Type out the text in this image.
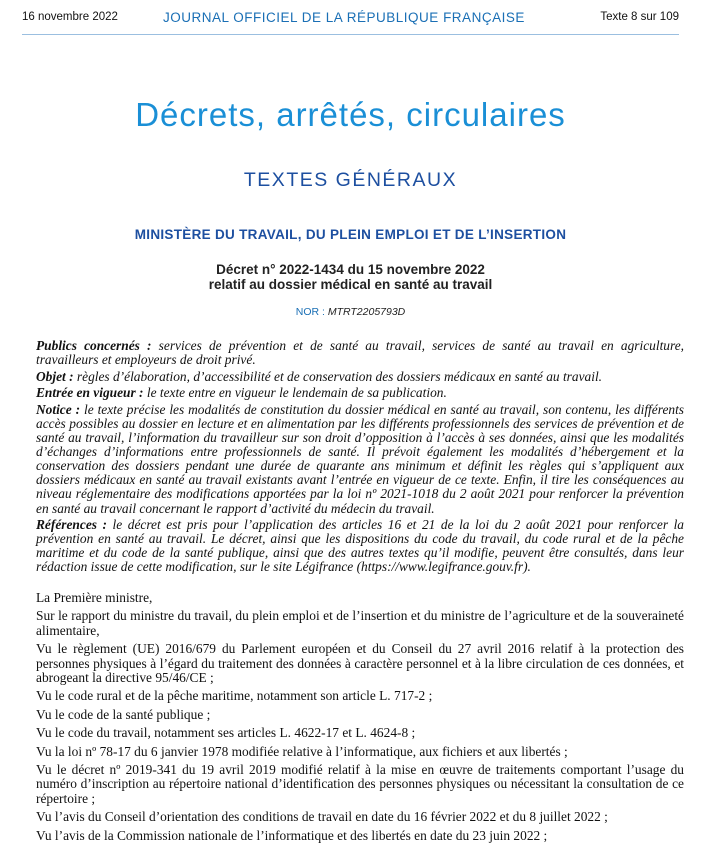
16 novembre 2022	JOURNAL OFFICIEL DE LA RÉPUBLIQUE FRANÇAISE	Texte 8 sur 109
Décrets, arrêtés, circulaires
TEXTES GÉNÉRAUX
MINISTÈRE DU TRAVAIL, DU PLEIN EMPLOI ET DE L’INSERTION
Décret n° 2022-1434 du 15 novembre 2022
relatif au dossier médical en santé au travail
NOR : MTRT2205793D

Publics concernés : services de prévention et de santé au travail, services de santé au travail en agriculture, travailleurs et employeurs de droit privé.

Objet : règles d’élaboration, d’accessibilité et de conservation des dossiers médicaux en santé au travail.

Entrée en vigueur : le texte entre en vigueur le lendemain de sa publication.

Notice : le texte précise les modalités de constitution du dossier médical en santé au travail, son contenu, les différents accès possibles au dossier en lecture et en alimentation par les différents professionnels des services de prévention et de santé au travail, l’information du travailleur sur son droit d’opposition à l’accès à ses données, ainsi que les modalités d’échanges d’informations entre professionnels de santé. Il prévoit également les modalités d’hébergement et la conservation des dossiers pendant une durée de quarante ans minimum et définit les règles qui s’appliquent aux dossiers médicaux en santé au travail existants avant l’entrée en vigueur de ce texte. Enfin, il tire les conséquences au niveau réglementaire des modifications apportées par la loi nº 2021-1018 du 2 août 2021 pour renforcer la prévention en santé au travail concernant le rapport d’activité du médecin du travail.

Références : le décret est pris pour l’application des articles 16 et 21 de la loi du 2 août 2021 pour renforcer la prévention en santé au travail. Le décret, ainsi que les dispositions du code du travail, du code rural et de la pêche maritime et du code de la santé publique, ainsi que des autres textes qu’il modifie, peuvent être consultés, dans leur rédaction issue de cette modification, sur le site Légifrance (https://www.legifrance.gouv.fr).

La Première ministre,

Sur le rapport du ministre du travail, du plein emploi et de l’insertion et du ministre de l’agriculture et de la souveraineté alimentaire,

Vu le règlement (UE) 2016/679 du Parlement européen et du Conseil du 27 avril 2016 relatif à la protection des personnes physiques à l’égard du traitement des données à caractère personnel et à la libre circulation de ces données, et abrogeant la directive 95/46/CE ;

Vu le code rural et de la pêche maritime, notamment son article L. 717-2 ;

Vu le code de la santé publique ;

Vu le code du travail, notamment ses articles L. 4622-17 et L. 4624-8 ;

Vu la loi nº 78-17 du 6 janvier 1978 modifiée relative à l’informatique, aux fichiers et aux libertés ;

Vu le décret nº 2019-341 du 19 avril 2019 modifié relatif à la mise en œuvre de traitements comportant l’usage du numéro d’inscription au répertoire national d’identification des personnes physiques ou nécessitant la consultation de ce répertoire ;

Vu l’avis du Conseil d’orientation des conditions de travail en date du 16 février 2022 et du 8 juillet 2022 ;

Vu l’avis de la Commission nationale de l’informatique et des libertés en date du 23 juin 2022 ;
